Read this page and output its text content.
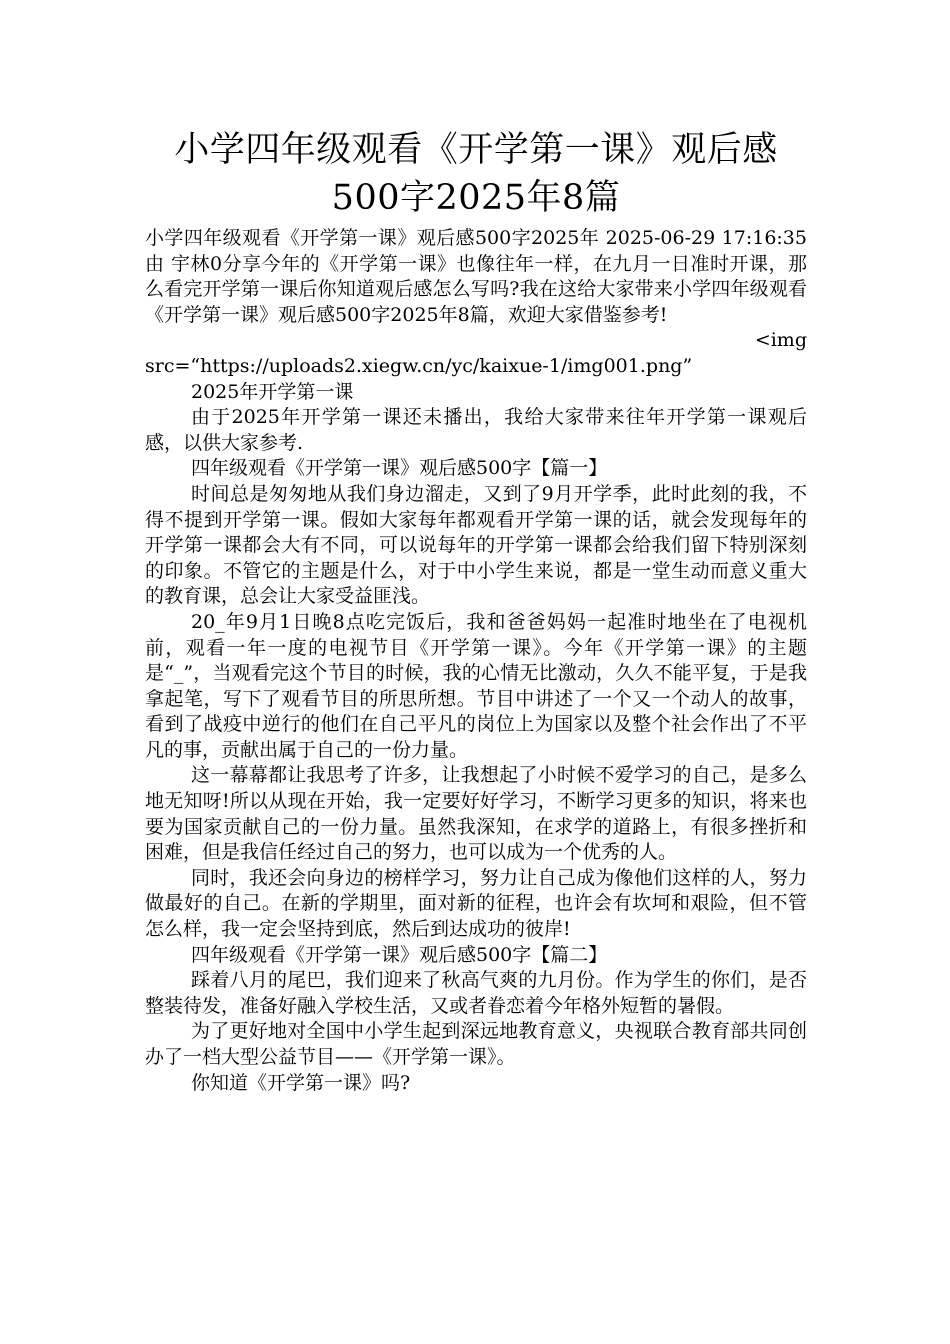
小学四年级观看《开学第一课》观后感500字2025年8篇

小学四年级观看《开学第一课》观后感500字2025年 2025-06-29 17:16:35 由 宇林0分享今年的《开学第一课》也像往年一样，在九月一日准时开课，那么看完开学第一课后你知道观后感怎么写吗?我在这给大家带来小学四年级观看《开学第一课》观后感500字2025年8篇，欢迎大家借鉴参考!

<img

src=“https://uploads2.xiegw.cn/yc/kaixue-1/img001.png”

2025年开学第一课

由于2025年开学第一课还未播出，我给大家带来往年开学第一课观后感，以供大家参考.

四年级观看《开学第一课》观后感500字【篇一】

时间总是匆匆地从我们身边溜走，又到了9月开学季，此时此刻的我，不得不提到开学第一课。假如大家每年都观看开学第一课的话，就会发现每年的开学第一课都会大有不同，可以说每年的开学第一课都会给我们留下特别深刻的印象。不管它的主题是什么，对于中小学生来说，都是一堂生动而意义重大的教育课，总会让大家受益匪浅。

20_年9月1日晚8点吃完饭后，我和爸爸妈妈一起准时地坐在了电视机前，观看一年一度的电视节目《开学第一课》。今年《开学第一课》的主题是“_”，当观看完这个节目的时候，我的心情无比激动，久久不能平复，于是我拿起笔，写下了观看节目的所思所想。节目中讲述了一个又一个动人的故事，看到了战疫中逆行的他们在自己平凡的岗位上为国家以及整个社会作出了不平凡的事，贡献出属于自己的一份力量。

这一幕幕都让我思考了许多，让我想起了小时候不爱学习的自己，是多么地无知呀!所以从现在开始，我一定要好好学习，不断学习更多的知识，将来也要为国家贡献自己的一份力量。虽然我深知，在求学的道路上，有很多挫折和困难，但是我信任经过自己的努力，也可以成为一个优秀的人。

同时，我还会向身边的榜样学习，努力让自己成为像他们这样的人，努力做最好的自己。在新的学期里，面对新的征程，也许会有坎坷和艰险，但不管怎么样，我一定会坚持到底，然后到达成功的彼岸!

四年级观看《开学第一课》观后感500字【篇二】

踩着八月的尾巴，我们迎来了秋高气爽的九月份。作为学生的你们，是否整装待发，准备好融入学校生活，又或者眷恋着今年格外短暂的暑假。

为了更好地对全国中小学生起到深远地教育意义，央视联合教育部共同创办了一档大型公益节目——《开学第一课》。

你知道《开学第一课》吗?
